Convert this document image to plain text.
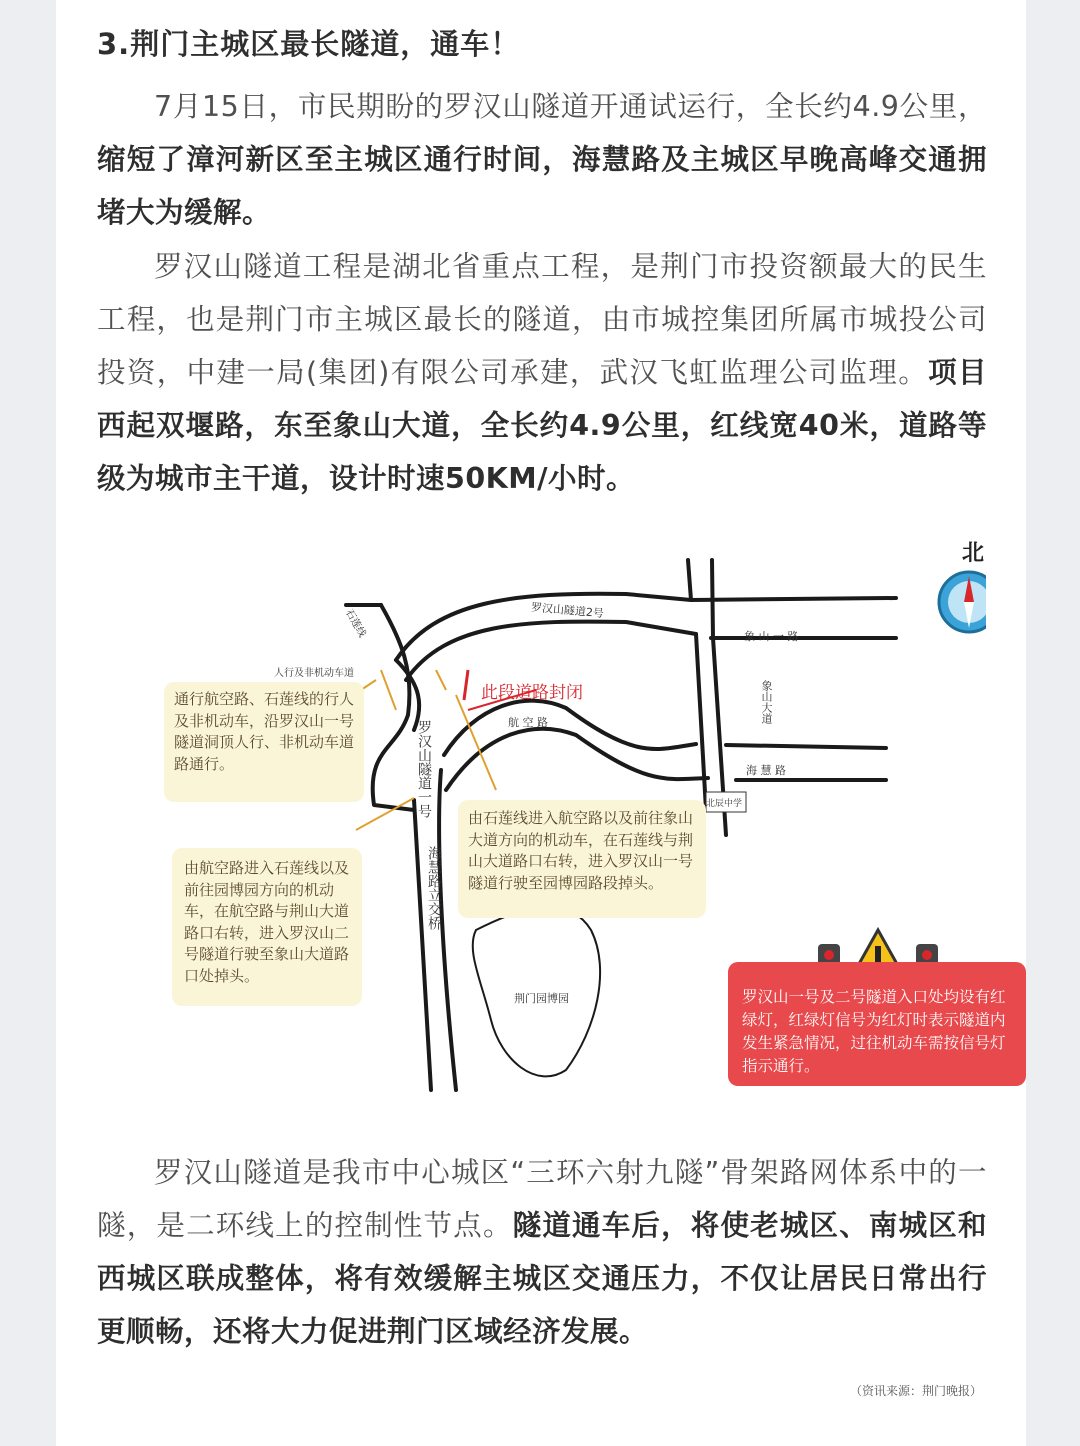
3.荆门主城区最长隧道，通车！

7月15日，市民期盼的罗汉山隧道开通试运行，全长约4.9公里，缩短了漳河新区至主城区通行时间，海慧路及主城区早晚高峰交通拥堵大为缓解。

罗汉山隧道工程是湖北省重点工程，是荆门市投资额最大的民生工程，也是荆门市主城区最长的隧道，由市城控集团所属市城投公司投资，中建一局(集团)有限公司承建，武汉飞虹监理公司监理。项目西起双堰路，东至象山大道，全长约4.9公里，红线宽40米，道路等级为城市主干道，设计时速50KM/小时。

北
罗汉山隧道2号
象 山 一 路
象山大道
海 慧 路
航 空 路
石莲线
人行及非机动车道
罗汉山隧道一号
海慧路立交桥
北辰中学
荆门园博园
此段道路封闭
通行航空路、石莲线的行人及非机动车，沿罗汉山一号隧道洞顶人行、非机动车道路通行。
由航空路进入石莲线以及前往园博园方向的机动车，在航空路与荆山大道路口右转，进入罗汉山二号隧道行驶至象山大道路口处掉头。
由石莲线进入航空路以及前往象山大道方向的机动车，在石莲线与荆山大道路口右转，进入罗汉山一号隧道行驶至园博园路段掉头。
罗汉山一号及二号隧道入口处均设有红绿灯，红绿灯信号为红灯时表示隧道内发生紧急情况，过往机动车需按信号灯指示通行。

罗汉山隧道是我市中心城区“三环六射九隧”骨架路网体系中的一隧，是二环线上的控制性节点。隧道通车后，将使老城区、南城区和西城区联成整体，将有效缓解主城区交通压力，不仅让居民日常出行更顺畅，还将大力促进荆门区域经济发展。

（资讯来源：荆门晚报）
